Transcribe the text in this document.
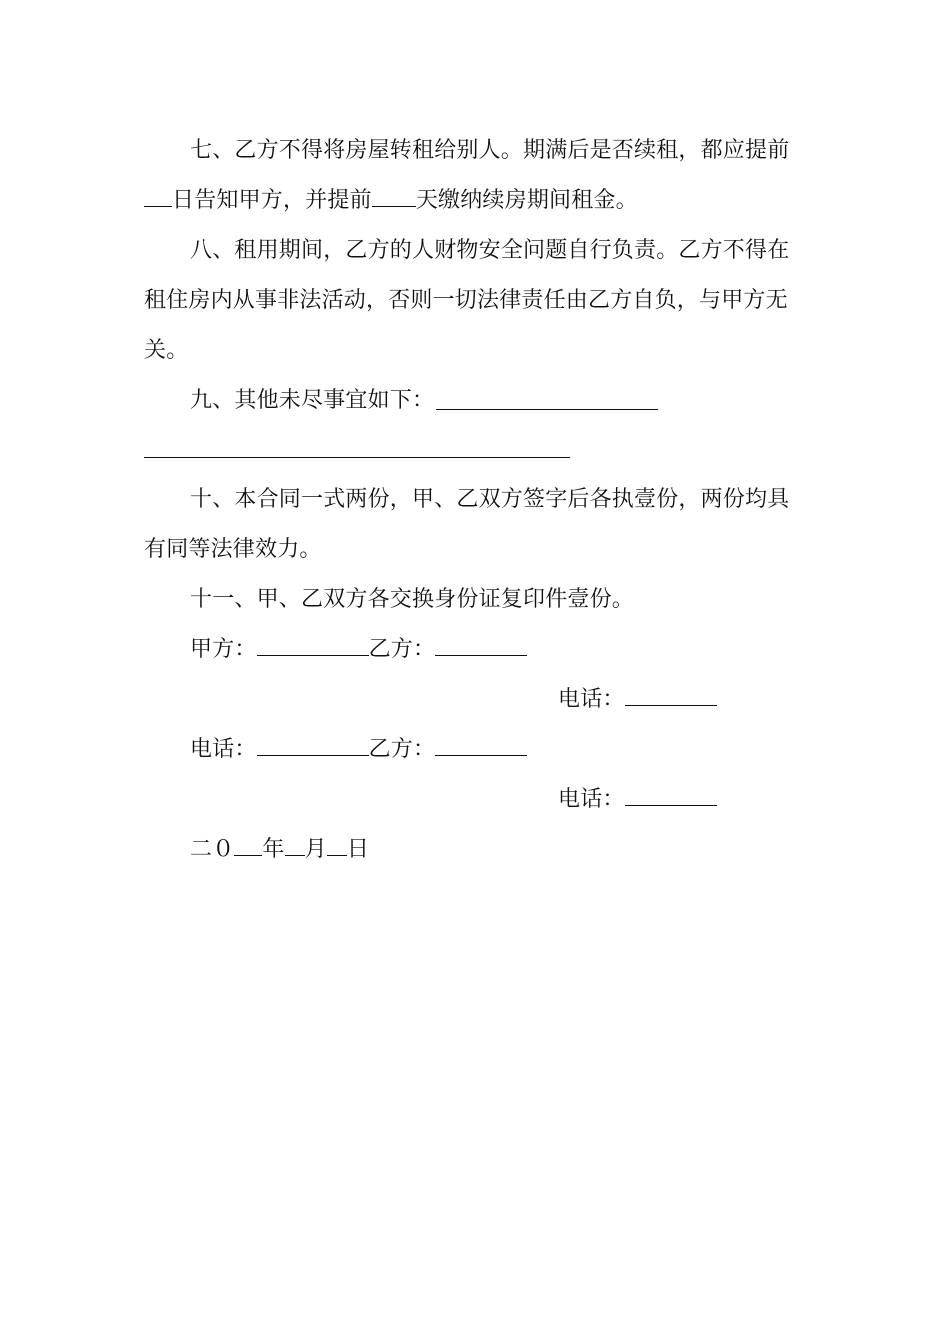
七、乙方不得将房屋转租给别人。期满后是否续租，都应提前
日告知甲方，并提前 天缴纳续房期间租金。
八、租用期间，乙方的人财物安全问题自行负责。乙方不得在
租住房内从事非法活动，否则一切法律责任由乙方自负，与甲方无
关。
九、其他未尽事宜如下：
十、本合同一式两份，甲、乙双方签字后各执壹份，两份均具
有同等法律效力。
十一、甲、乙双方各交换身份证复印件壹份。
甲方：	乙方：
电话：
电话：	乙方：
电话：
二０ 年 月 日
